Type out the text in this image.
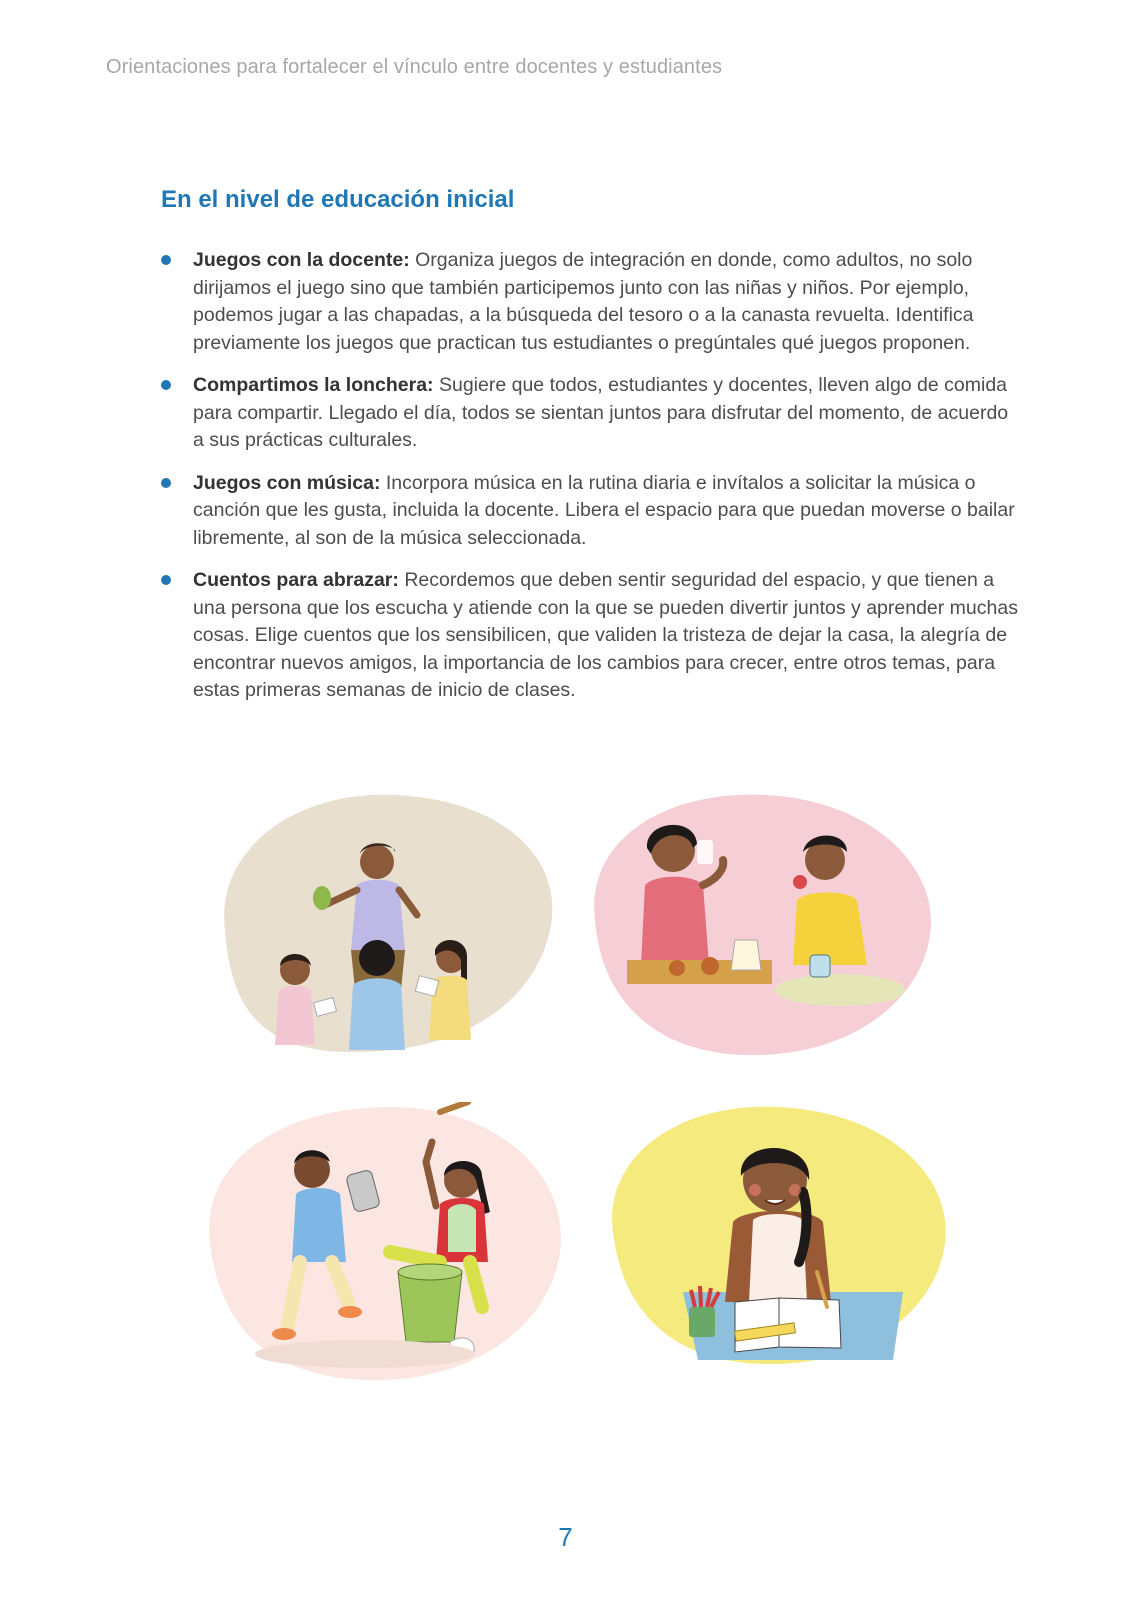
Orientaciones para fortalecer el vínculo entre docentes y estudiantes
En el nivel de educación inicial
Juegos con la docente: Organiza juegos de integración en donde, como adultos, no solo dirijamos el juego sino que también participemos junto con las niñas y niños. Por ejemplo, podemos jugar a las chapadas, a la búsqueda del tesoro o a la canasta revuelta. Identifica previamente los juegos que practican tus estudiantes o pregúntales qué juegos proponen.
Compartimos la lonchera: Sugiere que todos, estudiantes y docentes, lleven algo de comida para compartir. Llegado el día, todos se sientan juntos para disfrutar del momento, de acuerdo a sus prácticas culturales.
Juegos con música: Incorpora música en la rutina diaria e invítalos a solicitar la música o canción que les gusta, incluida la docente. Libera el espacio para que puedan moverse o bailar libremente, al son de la música seleccionada.
Cuentos para abrazar: Recordemos que deben sentir seguridad del espacio, y que tienen a una persona que los escucha y atiende con la que se pueden divertir juntos y aprender muchas cosas. Elige cuentos que los sensibilicen, que validen la tristeza de dejar la casa, la alegría de encontrar nuevos amigos, la importancia de los cambios para crecer, entre otros temas, para estas primeras semanas de inicio de clases.
7
